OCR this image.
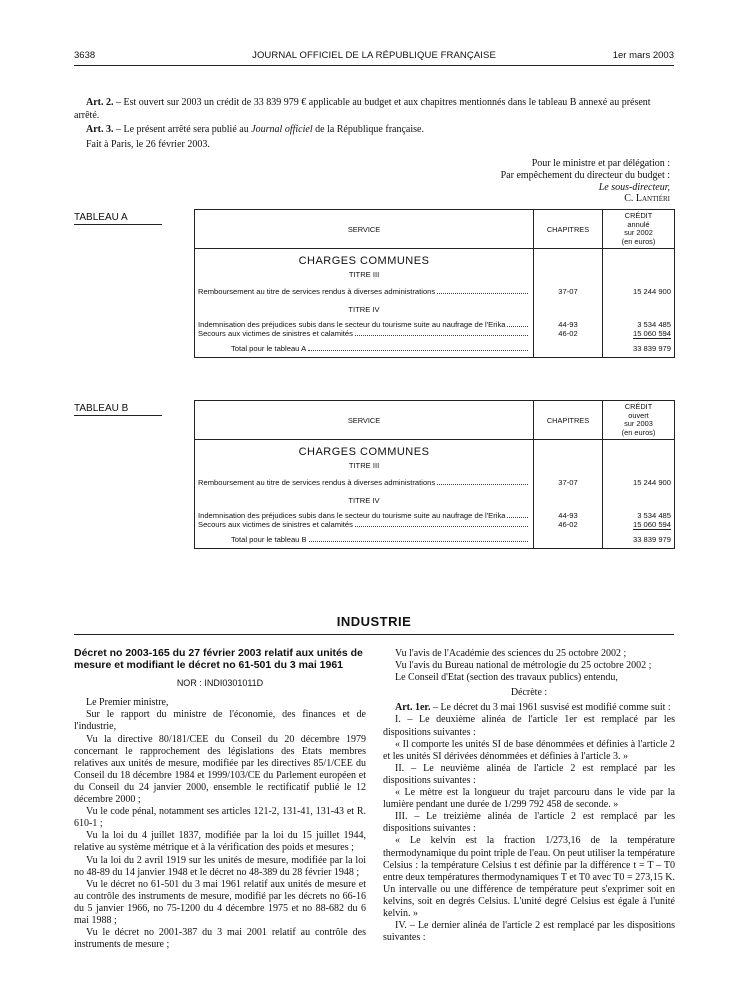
3638	JOURNAL OFFICIEL DE LA RÉPUBLIQUE FRANÇAISE	1er mars 2003

Art. 2. – Est ouvert sur 2003 un crédit de 33 839 979 € applicable au budget et aux chapitres mentionnés dans le tableau B annexé au présent arrêté.

Art. 3. – Le présent arrêté sera publié au Journal officiel de la République française.

Fait à Paris, le 26 février 2003.

Pour le ministre et par délégation :
Par empêchement du directeur du budget :
Le sous-directeur,
C. Lantiéri
TABLEAU A
SERVICE	CHAPITRES	CRÉDIT
annulé
sur 2002
(en euros)

CHARGES COMMUNES		
TITRE III		

Remboursement au titre de services rendus à diverses administrations	37-07	15 244 900
TITRE IV		

Indemnisation des préjudices subis dans le secteur du tourisme suite au naufrage de l'Erika	44-93	3 534 485

Secours aux victimes de sinistres et calamités	46-02	15 060 594

Total pour le tableau A		33 839 979
TABLEAU B
SERVICE	CHAPITRES	CRÉDIT
ouvert
sur 2003
(en euros)

CHARGES COMMUNES		
TITRE III		

Remboursement au titre de services rendus à diverses administrations	37-07	15 244 900
TITRE IV		

Indemnisation des préjudices subis dans le secteur du tourisme suite au naufrage de l'Erika	44-93	3 534 485

Secours aux victimes de sinistres et calamités	46-02	15 060 594

Total pour le tableau B		33 839 979
INDUSTRIE

Décret no 2003-165 du 27 février 2003 relatif aux unités de mesure et modifiant le décret no 61-501 du 3 mai 1961

NOR : INDI0301011D

Le Premier ministre,

Sur le rapport du ministre de l'économie, des finances et de l'industrie,

Vu la directive 80/181/CEE du Conseil du 20 décembre 1979 concernant le rapprochement des législations des Etats membres relatives aux unités de mesure, modifiée par les directives 85/1/CEE du Conseil du 18 décembre 1984 et 1999/103/CE du Parlement européen et du Conseil du 24 janvier 2000, ensemble le rectificatif publié le 12 décembre 2000 ;

Vu le code pénal, notamment ses articles 121-2, 131-41, 131-43 et R. 610-1 ;

Vu la loi du 4 juillet 1837, modifiée par la loi du 15 juillet 1944, relative au système métrique et à la vérification des poids et mesures ;

Vu la loi du 2 avril 1919 sur les unités de mesure, modifiée par la loi no 48-89 du 14 janvier 1948 et le décret no 48-389 du 28 février 1948 ;

Vu le décret no 61-501 du 3 mai 1961 relatif aux unités de mesure et au contrôle des instruments de mesure, modifié par les décrets no 66-16 du 5 janvier 1966, no 75-1200 du 4 décembre 1975 et no 88-682 du 6 mai 1988 ;

Vu le décret no 2001-387 du 3 mai 2001 relatif au contrôle des instruments de mesure ;

Vu l'avis de l'Académie des sciences du 25 octobre 2002 ;

Vu l'avis du Bureau national de métrologie du 25 octobre 2002 ;

Le Conseil d'Etat (section des travaux publics) entendu,

Décrète :

Art. 1er. – Le décret du 3 mai 1961 susvisé est modifié comme suit :

I. – Le deuxième alinéa de l'article 1er est remplacé par les dispositions suivantes :

« Il comporte les unités SI de base dénommées et définies à l'article 2 et les unités SI dérivées dénommées et définies à l'article 3. »

II. – Le neuvième alinéa de l'article 2 est remplacé par les dispositions suivantes :

« Le mètre est la longueur du trajet parcouru dans le vide par la lumière pendant une durée de 1/299 792 458 de seconde. »

III. – Le treizième alinéa de l'article 2 est remplacé par les dispositions suivantes :

« Le kelvin est la fraction 1/273,16 de la température thermodynamique du point triple de l'eau. On peut utiliser la température Celsius : la température Celsius t est définie par la différence t = T – T0 entre deux températures thermodynamiques T et T0 avec T0 = 273,15 K. Un intervalle ou une différence de température peut s'exprimer soit en kelvins, soit en degrés Celsius. L'unité degré Celsius est égale à l'unité kelvin. »

IV. – Le dernier alinéa de l'article 2 est remplacé par les dispositions suivantes :
